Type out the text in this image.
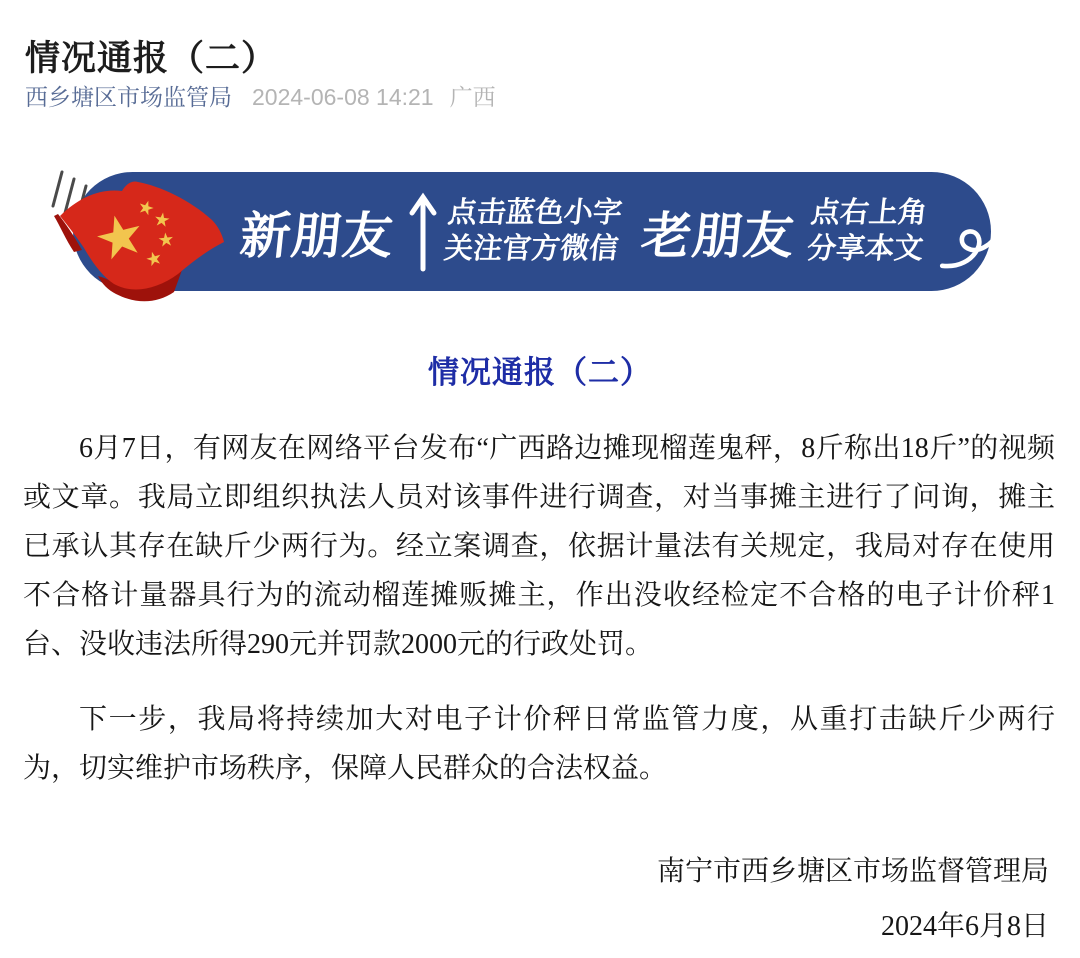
情况通报（二）
西乡塘区市场监管局 2024-06-08 14:21 广西
新朋友 点击蓝色小字
关注官方微信 老朋友 点右上角
分享本文
情况通报（二）

6月7日，有网友在网络平台发布“广西路边摊现榴莲鬼秤，8斤称出18斤”的视频或文章。我局立即组织执法人员对该事件进行调查，对当事摊主进行了问询，摊主已承认其存在缺斤少两行为。经立案调查，依据计量法有关规定，我局对存在使用不合格计量器具行为的流动榴莲摊贩摊主，作出没收经检定不合格的电子计价秤1台、没收违法所得290元并罚款2000元的行政处罚。

下一步，我局将持续加大对电子计价秤日常监管力度，从重打击缺斤少两行为，切实维护市场秩序，保障人民群众的合法权益。

南宁市西乡塘区市场监督管理局
2024年6月8日
